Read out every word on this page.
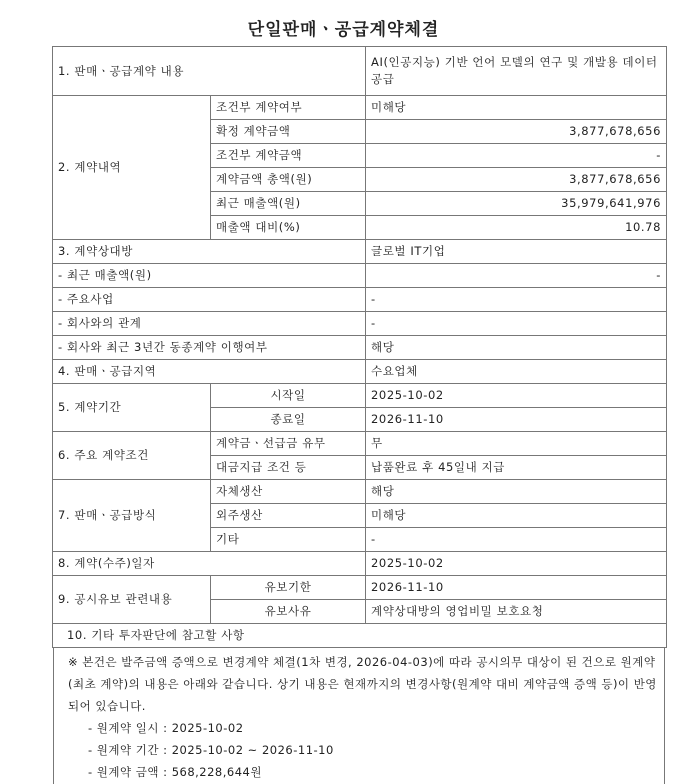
단일판매ㆍ공급계약체결
1. 판매ㆍ공급계약 내용		AI(인공지능) 기반 언어 모델의 연구 및 개발용 데이터 공급
2. 계약내역	조건부 계약여부	미해당
	확정 계약금액	3,877,678,656
	조건부 계약금액	-
	계약금액 총액(원)	3,877,678,656
	최근 매출액(원)	35,979,641,976
	매출액 대비(%)	10.78
3. 계약상대방		글로벌 IT기업
- 최근 매출액(원)		-
- 주요사업		-
- 회사와의 관계		-
- 회사와 최근 3년간 동종계약 이행여부		해당
4. 판매ㆍ공급지역		수요업체
5. 계약기간	시작일	2025-10-02
	종료일	2026-11-10
6. 주요 계약조건	계약금ㆍ선급금 유무	무
	대금지급 조건 등	납품완료 후 45일내 지급
7. 판매ㆍ공급방식	자체생산	해당
	외주생산	미해당
	기타	-
8. 계약(수주)일자		2025-10-02
9. 공시유보 관련내용	유보기한	2026-11-10
	유보사유	계약상대방의 영업비밀 보호요청
10. 기타 투자판단에 참고할 사항		

※ 본건은 발주금액 증액으로 변경계약 체결(1차 변경, 2026-04-03)에 따라 공시의무 대상이 된 건으로 원계약(최초 계약)의 내용은 아래와 같습니다. 상기 내용은 현재까지의 변경사항(원계약 대비 계약금액 증액 등)이 반영되어 있습니다.

- 원계약 일시 : 2025-10-02

- 원계약 기간 : 2025-10-02 ~ 2026-11-10

- 원계약 금액 : 568,228,644원
